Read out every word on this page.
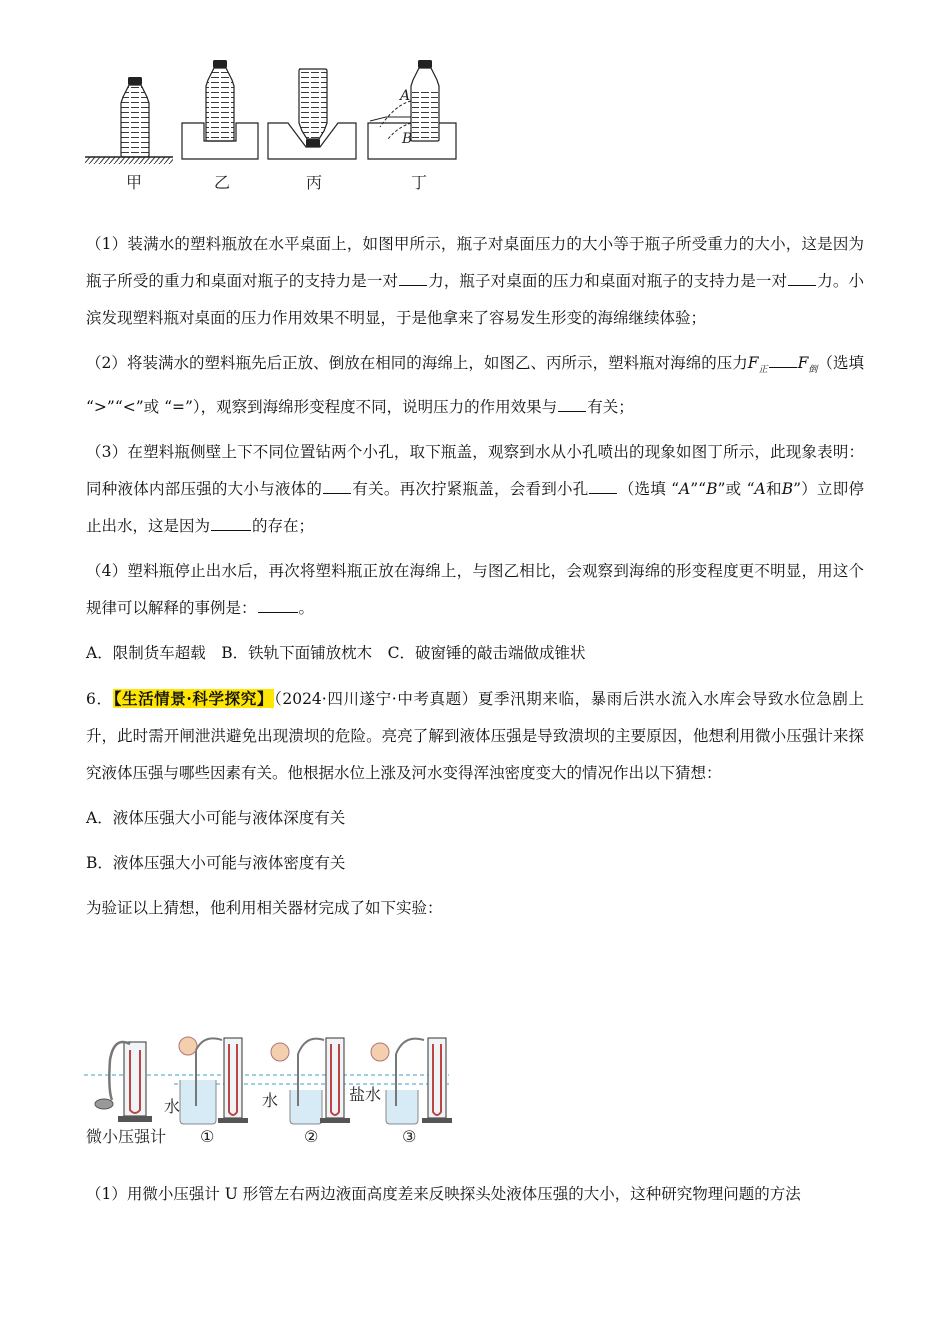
A
B
甲	乙	丙	丁

（1）装满水的塑料瓶放在水平桌面上，如图甲所示，瓶子对桌面压力的大小等于瓶子所受重力的大小，这是因为瓶子所受的重力和桌面对瓶子的支持力是一对 力，瓶子对桌面的压力和桌面对瓶子的支持力是一对 力。小滨发现塑料瓶对桌面的压力作用效果不明显，于是他拿来了容易发生形变的海绵继续体验；

（2）将装满水的塑料瓶先后正放、倒放在相同的海绵上，如图乙、丙所示，塑料瓶对海绵的压力$F_正$ $F_倒$（选填 “>”“<”或 “=”），观察到海绵形变程度不同，说明压力的作用效果与 有关；

（3）在塑料瓶侧壁上下不同位置钻两个小孔，取下瓶盖，观察到水从小孔喷出的现象如图丁所示，此现象表明：同种液体内部压强的大小与液体的 有关。再次拧紧瓶盖，会看到小孔 （选填 “A”“B”或 “A和B”）立即停止出水，这是因为	的存在；

（4）塑料瓶停止出水后，再次将塑料瓶正放在海绵上，与图乙相比，会观察到海绵的形变程度更不明显，用这个规律可以解释的事例是：	。

A．限制货车超载　B．铁轨下面铺放枕木　C．破窗锤的敲击端做成锥状

6．【生活情景·科学探究】（2024·四川遂宁·中考真题）夏季汛期来临，暴雨后洪水流入水库会导致水位急剧上升，此时需开闸泄洪避免出现溃坝的危险。亮亮了解到液体压强是导致溃坝的主要原因，他想利用微小压强计来探究液体压强与哪些因素有关。他根据水位上涨及河水变得浑浊密度变大的情况作出以下猜想：

A．液体压强大小可能与液体深度有关

B．液体压强大小可能与液体密度有关

为验证以上猜想，他利用相关器材完成了如下实验：

水	水	盐水
微小压强计 ①	②	③

（1）用微小压强计 U 形管左右两边液面高度差来反映探头处液体压强的大小，这种研究物理问题的方法
